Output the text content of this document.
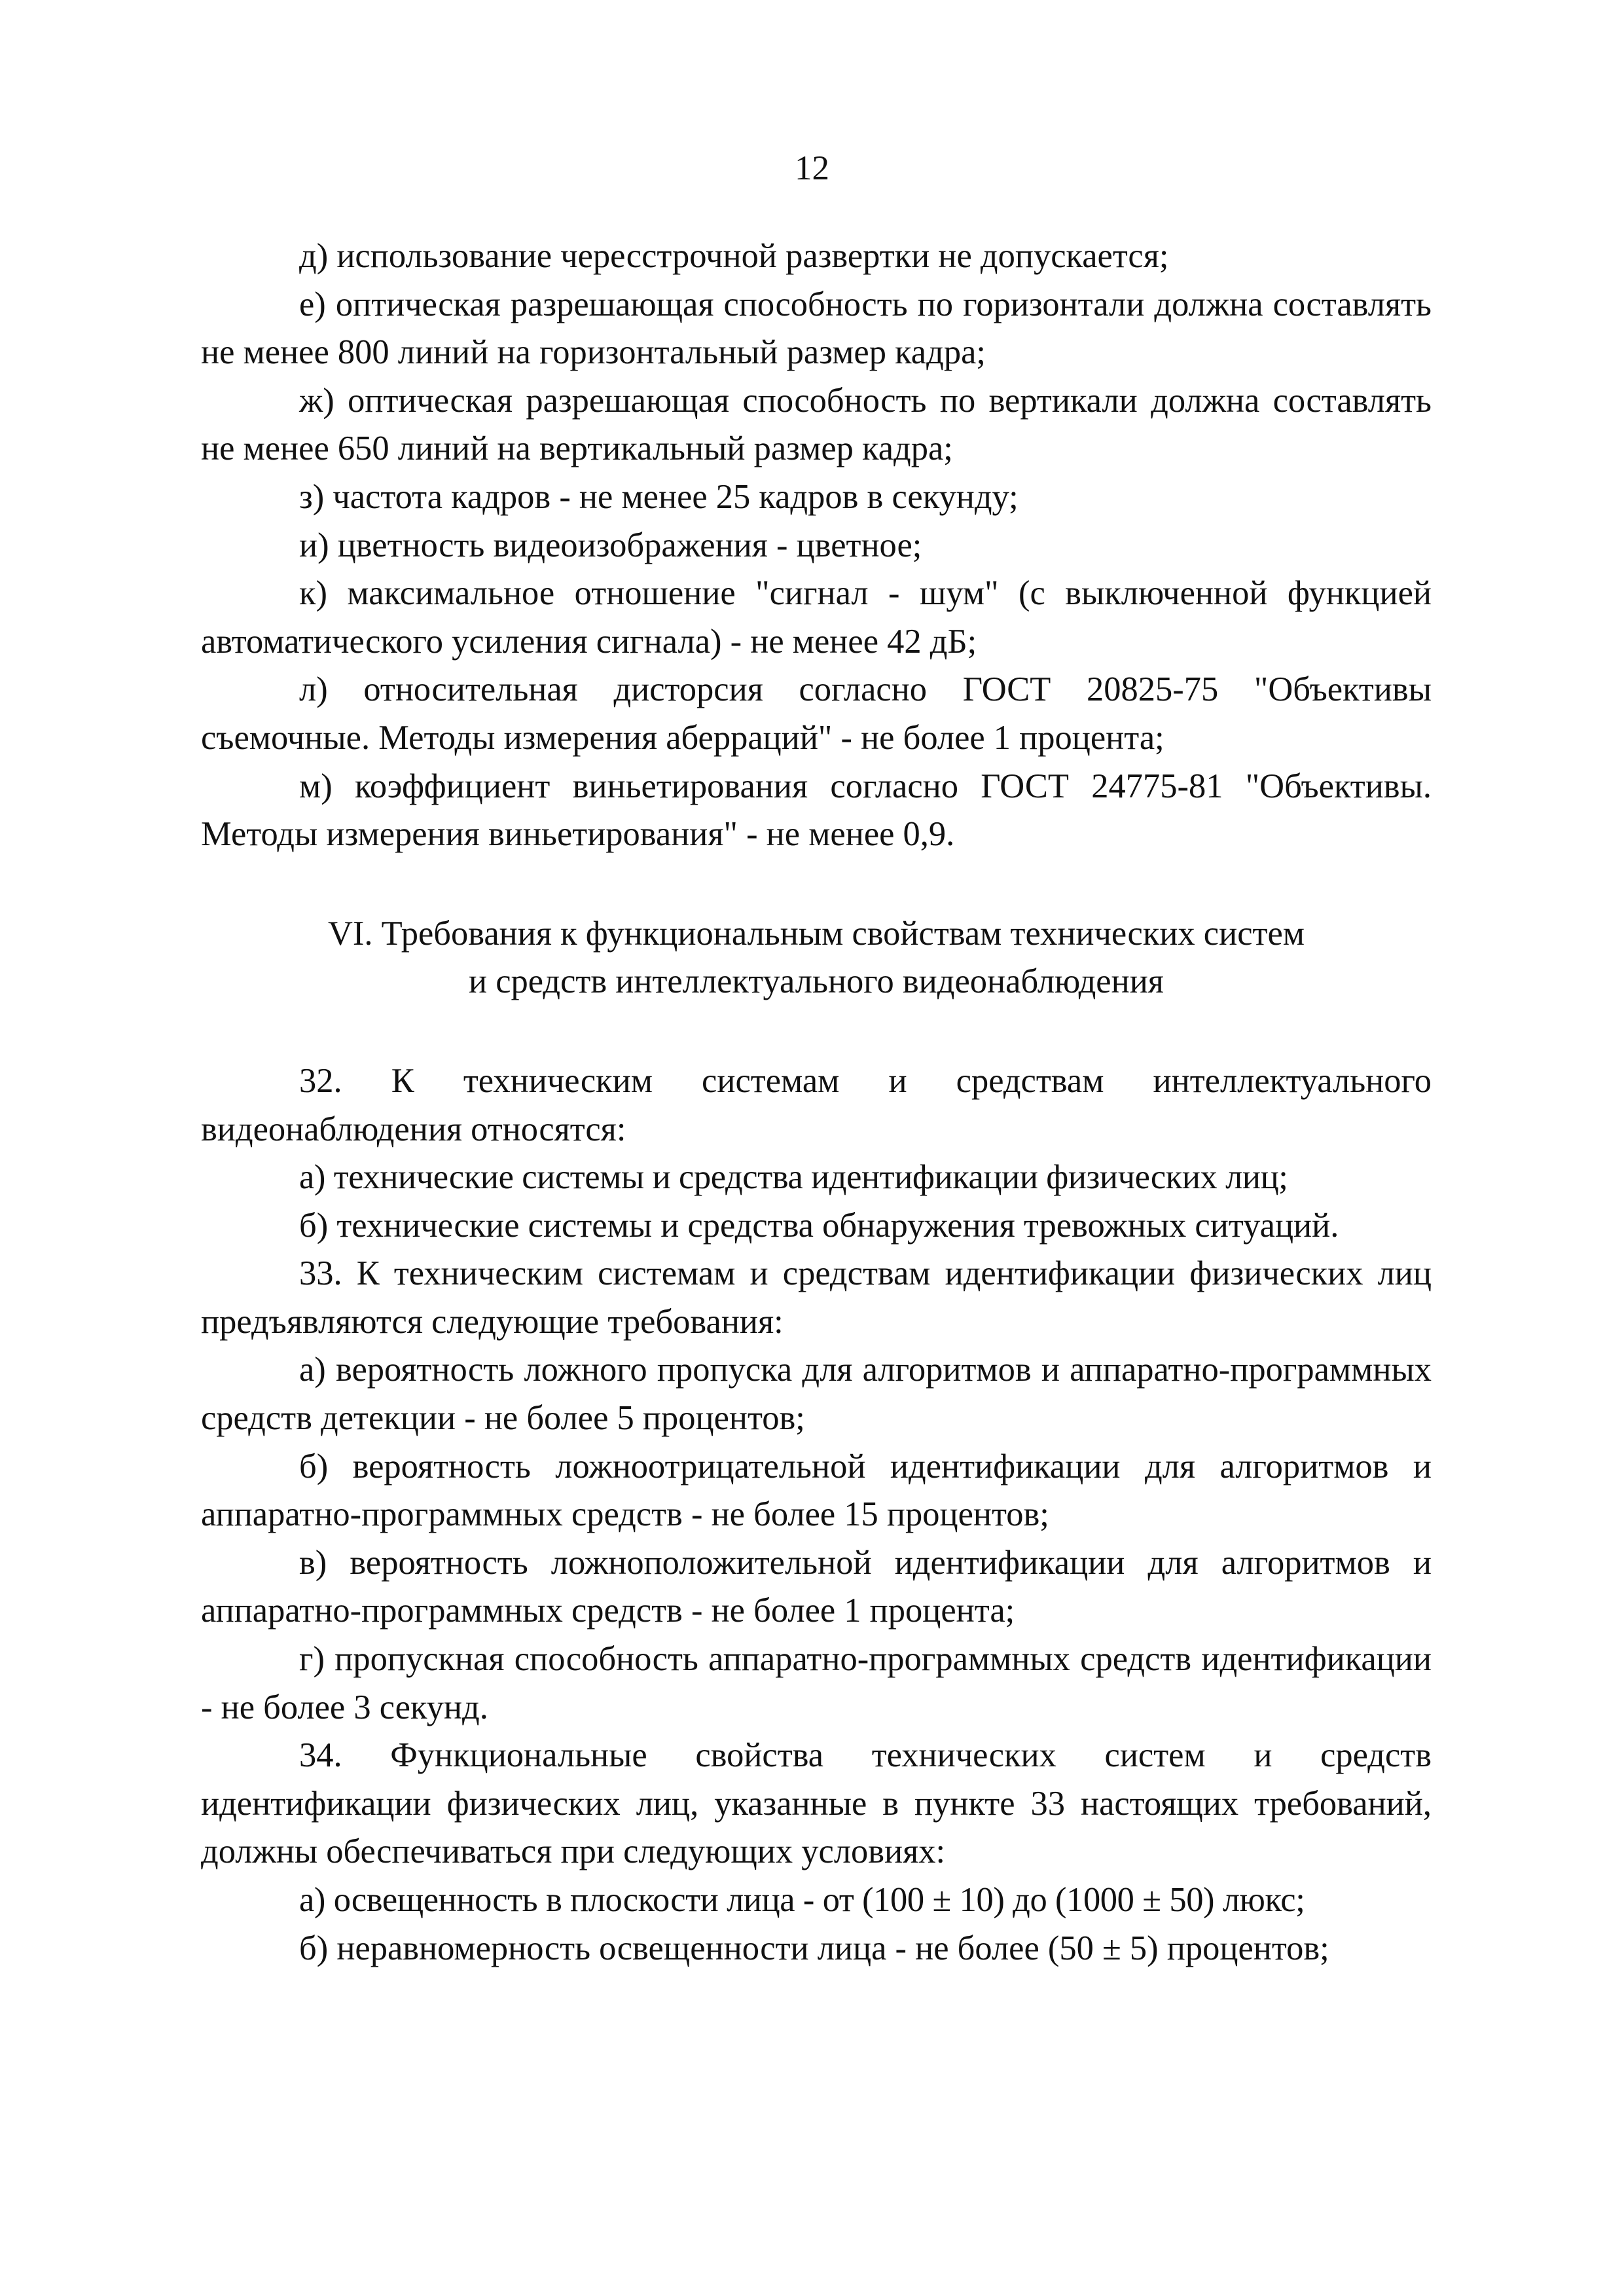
12

д) использование чересстрочной развертки не допускается;

е) оптическая разрешающая способность по горизонтали должна составлять не менее 800 линий на горизонтальный размер кадра;

ж) оптическая разрешающая способность по вертикали должна составлять не менее 650 линий на вертикальный размер кадра;

з) частота кадров - не менее 25 кадров в секунду;

и) цветность видеоизображения - цветное;

к) максимальное отношение "сигнал - шум" (с выключенной функцией автоматического усиления сигнала) - не менее 42 дБ;

л) относительная дисторсия согласно ГОСТ 20825-75 "Объективы съемочные. Методы измерения аберраций" - не более 1 процента;

м) коэффициент виньетирования согласно ГОСТ 24775-81 "Объективы. Методы измерения виньетирования" - не менее 0,9.

VI. Требования к функциональным свойствам технических систем
и средств интеллектуального видеонаблюдения

32. К техническим системам и средствам интеллектуального видеонаблюдения относятся:

а) технические системы и средства идентификации физических лиц;

б) технические системы и средства обнаружения тревожных ситуаций.

33. К техническим системам и средствам идентификации физических лиц предъявляются следующие требования:

а) вероятность ложного пропуска для алгоритмов и аппаратно-программных средств детекции - не более 5 процентов;

б) вероятность ложноотрицательной идентификации для алгоритмов и аппаратно-программных средств - не более 15 процентов;

в) вероятность ложноположительной идентификации для алгоритмов и аппаратно-программных средств - не более 1 процента;

г) пропускная способность аппаратно-программных средств идентификации - не более 3 секунд.

34. Функциональные свойства технических систем и средств идентификации физических лиц, указанные в пункте 33 настоящих требований, должны обеспечиваться при следующих условиях:

а) освещенность в плоскости лица - от (100 ± 10) до (1000 ± 50) люкс;

б) неравномерность освещенности лица - не более (50 ± 5) процентов;
